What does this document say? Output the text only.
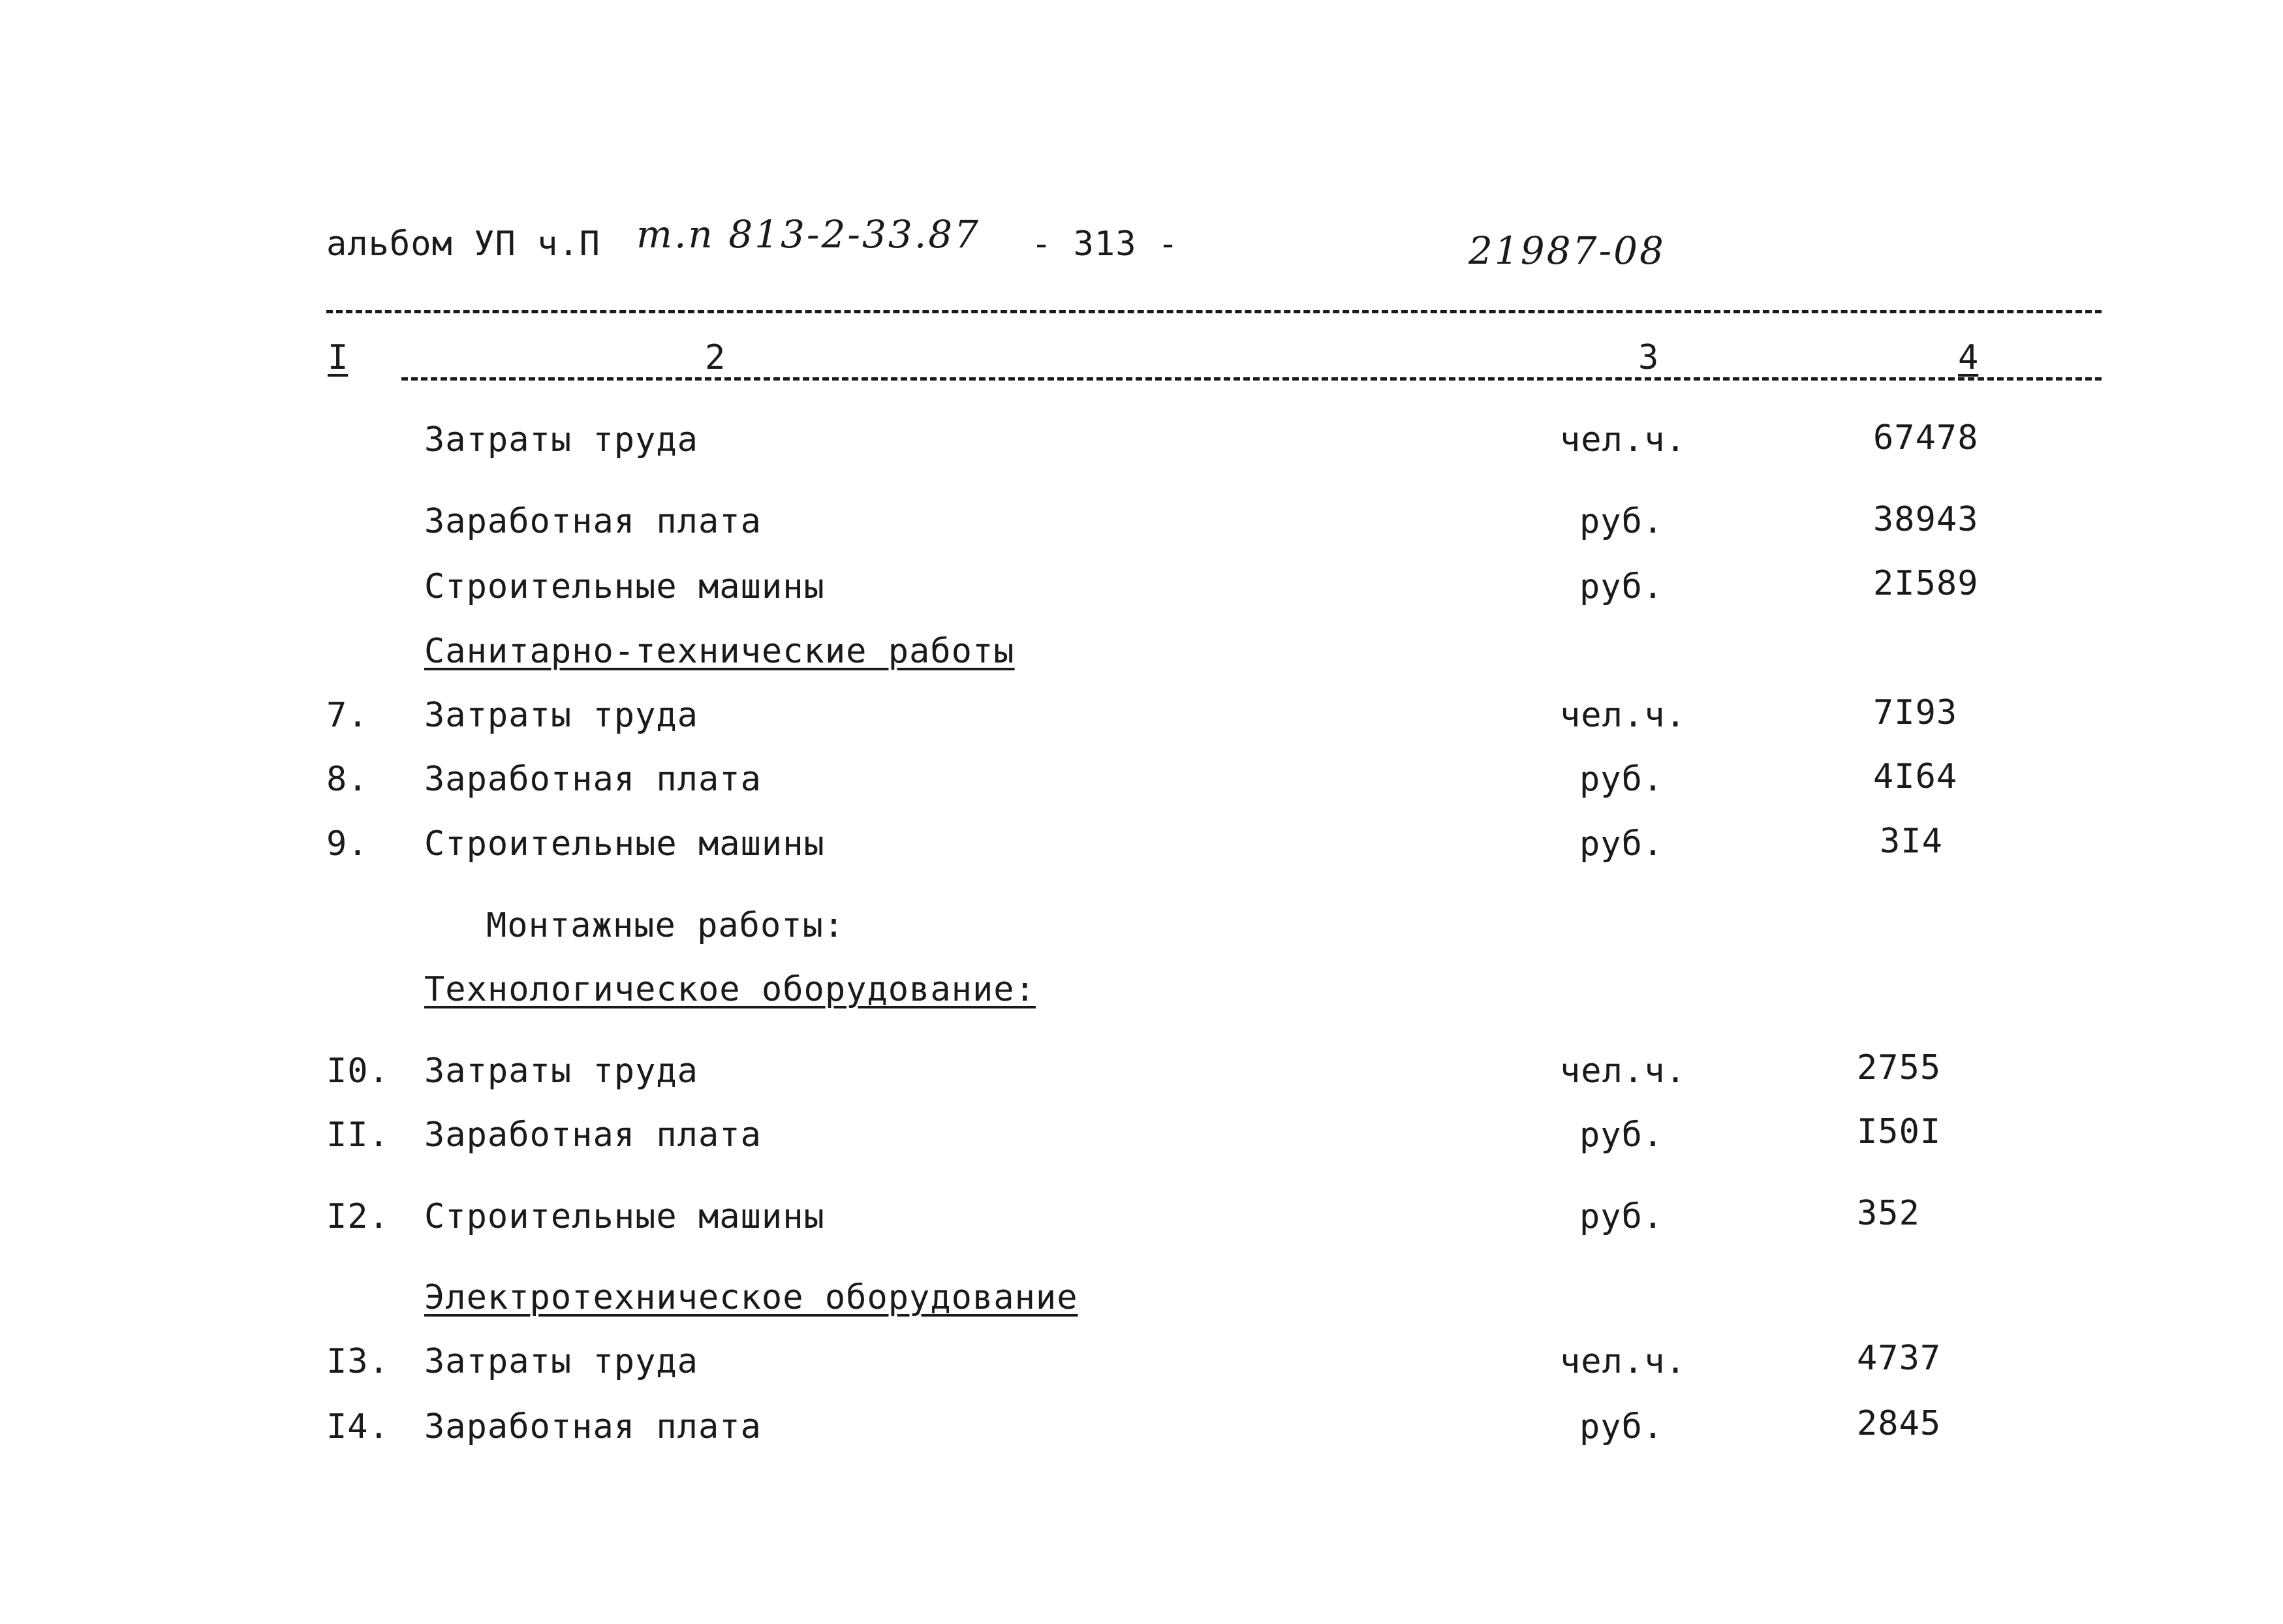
альбом УП ч.П т.п 813-2-33.87 - 313 -	21987-08
I	2	3	4
Затраты труда	чел.ч.	67478
Заработная плата	руб.	38943
Строительные машины	руб.	2I589
Санитарно-технические работы
7. Затраты труда	чел.ч.	7I93
8. Заработная плата	руб.	4I64
9. Строительные машины	руб.	3I4
Монтажные работы:
Технологическое оборудование:
I0. Затраты труда	чел.ч.	2755
II. Заработная плата	руб.	I50I
I2. Строительные машины	руб.	352
Электротехническое оборудование
I3. Затраты труда	чел.ч.	4737
I4. Заработная плата	руб.	2845
